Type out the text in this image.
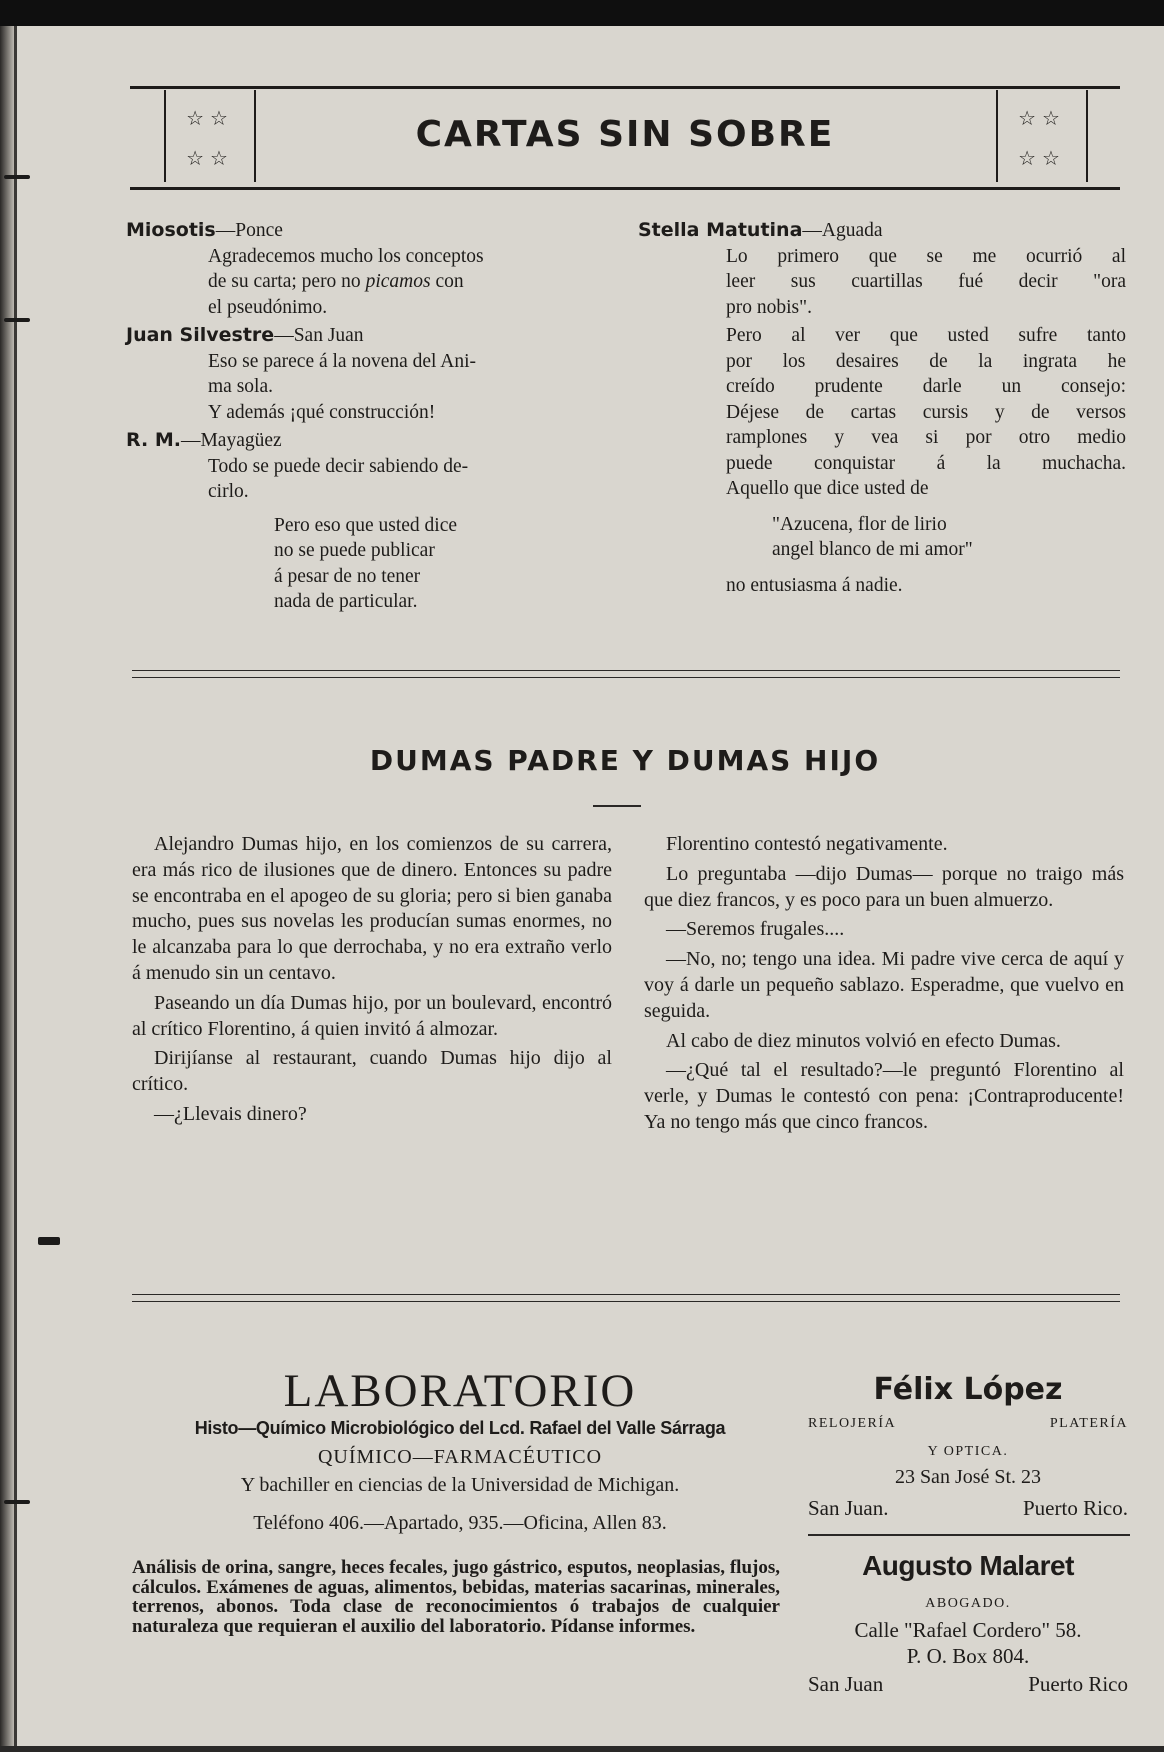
☆☆
☆☆
CARTAS SIN SOBRE	☆☆
☆☆

Miosotis—Ponce

Agradecemos mucho los conceptos

de su carta; pero no picamos con

el pseudónimo.

Juan Silvestre—San Juan

Eso se parece á la novena del Ani-

ma sola.

Y además ¡qué construcción!

R. M.—Mayagüez

Todo se puede decir sabiendo de-

cirlo.

Pero eso que usted dice

no se puede publicar

á pesar de no tener

nada de particular.

Stella Matutina—Aguada

Lo primero que se me ocurrió al

leer sus cuartillas fué decir "ora

pro nobis".

Pero al ver que usted sufre tanto

por los desaires de la ingrata he

creído prudente darle un consejo:

Déjese de cartas cursis y de versos

ramplones y vea si por otro medio

puede conquistar á la muchacha.

Aquello que dice usted de

"Azucena, flor de lirio

angel blanco de mi amor"

no entusiasma á nadie.

DUMAS PADRE Y DUMAS HIJO

Alejandro Dumas hijo, en los comienzos de su carrera, era más rico de ilusiones que de dinero. Entonces su padre se encontraba en el apogeo de su gloria; pero si bien ganaba mucho, pues sus novelas les producían sumas enormes, no le alcanzaba para lo que derrochaba, y no era extraño verlo á menudo sin un centavo.

Paseando un día Dumas hijo, por un boulevard, encontró al crítico Florentino, á quien invitó á almozar.

Dirijíanse al restaurant, cuando Dumas hijo dijo al crítico.

—¿Llevais dinero?

Florentino contestó negativamente.

Lo preguntaba —dijo Dumas— porque no traigo más que diez francos, y es poco para un buen almuerzo.

—Seremos frugales....

—No, no; tengo una idea. Mi padre vive cerca de aquí y voy á darle un pequeño sablazo. Esperadme, que vuelvo en seguida.

Al cabo de diez minutos volvió en efecto Dumas.

—¿Qué tal el resultado?—le preguntó Florentino al verle, y Dumas le contestó con pena: ¡Contraproducente! Ya no tengo más que cinco francos.

LABORATORIO
Histo—Químico Microbiológico del Lcd. Rafael del Valle Sárraga
QUÍMICO—FARMACÉUTICO
Y bachiller en ciencias de la Universidad de Michigan.
Teléfono 406.—Apartado, 935.—Oficina, Allen 83.
Análisis de orina, sangre, heces fecales, jugo gástrico, esputos, neoplasias, flujos, cálculos. Exámenes de aguas, alimentos, bebidas, materias sacarinas, minerales, terrenos, abonos. Toda clase de reconocimientos ó trabajos de cualquier naturaleza que requieran el auxilio del laboratorio. Pídanse informes.
Félix López
RELOJERÍA	PLATERÍA
Y OPTICA.
23 San José St. 23
San Juan.	Puerto Rico.
Augusto Malaret
ABOGADO.
Calle "Rafael Cordero" 58.
P. O. Box 804.
San Juan	Puerto Rico
